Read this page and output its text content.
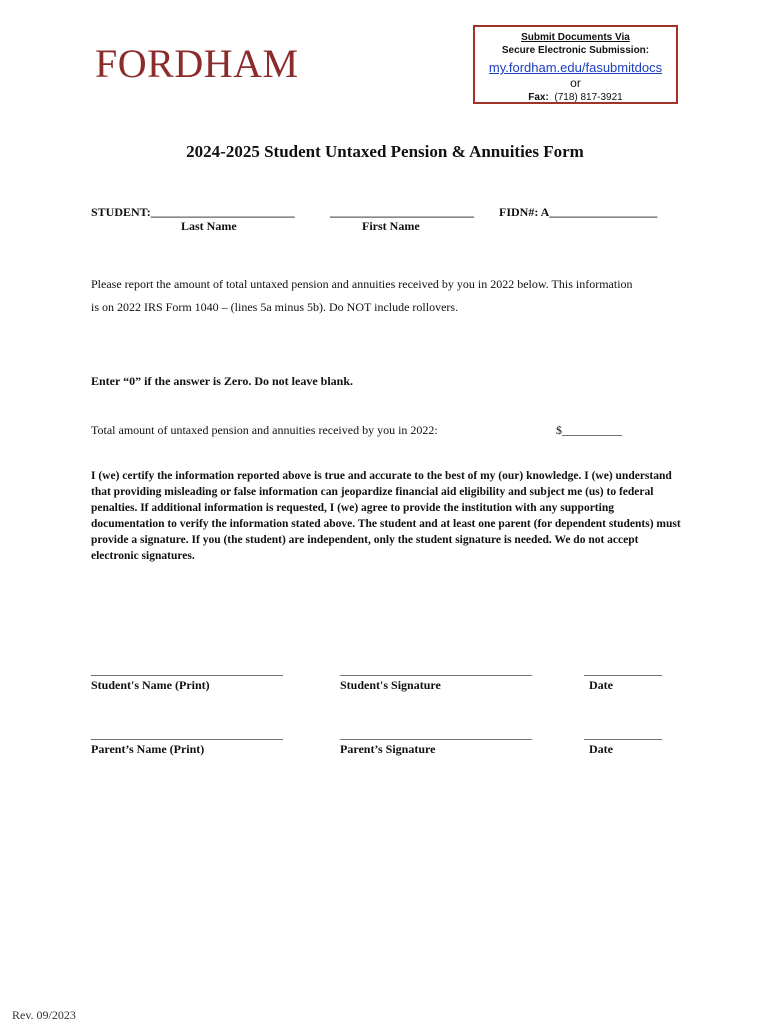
FORDHAM
Submit Documents Via
Secure Electronic Submission:
my.fordham.edu/fasubmitdocs
or
Fax: (718) 817-3921
2024-2025 Student Untaxed Pension & Annuities Form
STUDENT:________________________	________________________ FIDN#: A__________________
Last Name	First Name
Please report the amount of total untaxed pension and annuities received by you in 2022 below. This information
is on 2022 IRS Form 1040 – (lines 5a minus 5b). Do NOT include rollovers.
Enter “0” if the answer is Zero. Do not leave blank.
Total amount of untaxed pension and annuities received by you in 2022:	$__________
I (we) certify the information reported above is true and accurate to the best of my (our) knowledge. I (we) understand that providing misleading or false information can jeopardize financial aid eligibility and subject me (us) to federal penalties. If additional information is requested, I (we) agree to provide the institution with any supporting documentation to verify the information stated above. The student and at least one parent (for dependent students) must provide a signature. If you (the student) are independent, only the student signature is needed. We do not accept electronic signatures.
________________________________	________________________________	_____________
Student's Name (Print)	Student's Signature	Date
________________________________	________________________________	_____________
Parent’s Name (Print)	Parent’s Signature	Date
Rev. 09/2023
